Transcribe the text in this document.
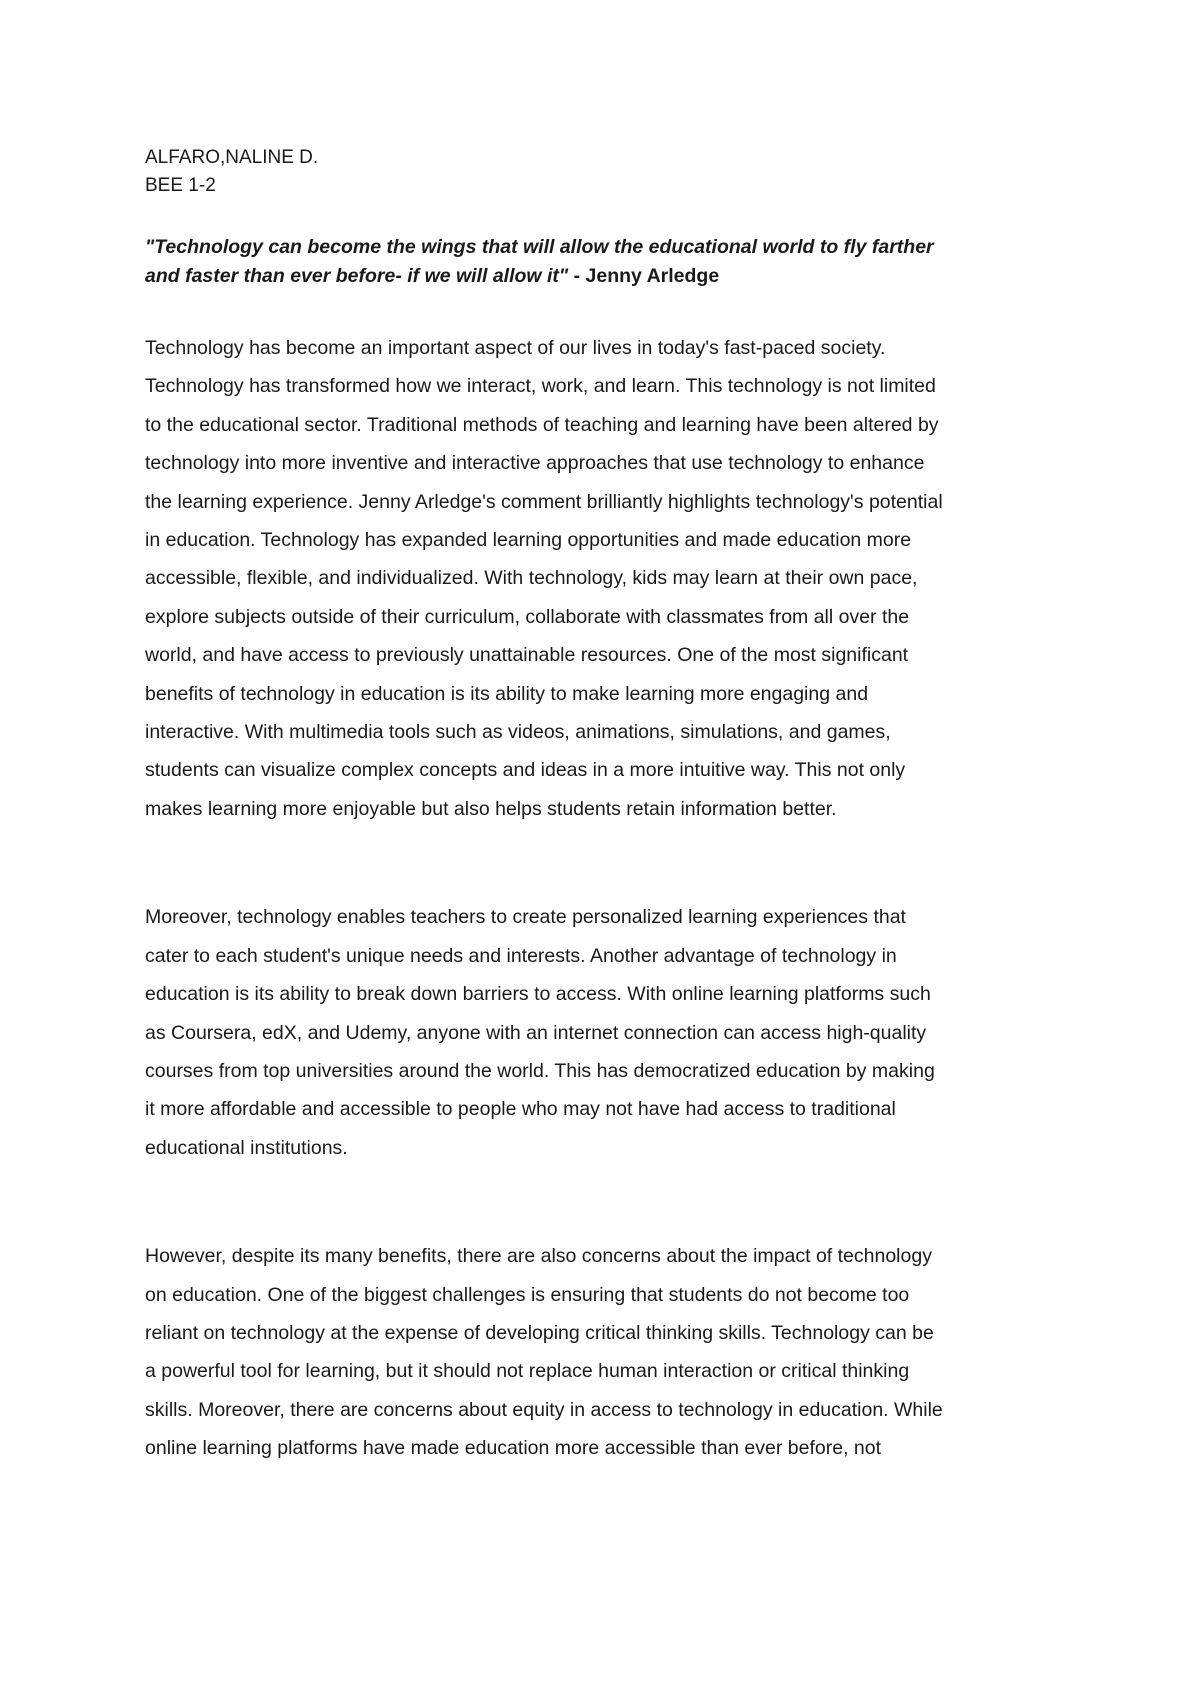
ALFARO,NALINE D.

BEE 1-2

"Technology can become the wings that will allow the educational world to fly farther
and faster than ever before- if we will allow it" - Jenny Arledge
Technology has become an important aspect of our lives in today's fast-paced society.
Technology has transformed how we interact, work, and learn. This technology is not limited
to the educational sector. Traditional methods of teaching and learning have been altered by
technology into more inventive and interactive approaches that use technology to enhance
the learning experience. Jenny Arledge's comment brilliantly highlights technology's potential
in education. Technology has expanded learning opportunities and made education more
accessible, flexible, and individualized. With technology, kids may learn at their own pace,
explore subjects outside of their curriculum, collaborate with classmates from all over the
world, and have access to previously unattainable resources. One of the most significant
benefits of technology in education is its ability to make learning more engaging and
interactive. With multimedia tools such as videos, animations, simulations, and games,
students can visualize complex concepts and ideas in a more intuitive way. This not only
makes learning more enjoyable but also helps students retain information better.
Moreover, technology enables teachers to create personalized learning experiences that
cater to each student's unique needs and interests. Another advantage of technology in
education is its ability to break down barriers to access. With online learning platforms such
as Coursera, edX, and Udemy, anyone with an internet connection can access high-quality
courses from top universities around the world. This has democratized education by making
it more affordable and accessible to people who may not have had access to traditional
educational institutions.
However, despite its many benefits, there are also concerns about the impact of technology
on education. One of the biggest challenges is ensuring that students do not become too
reliant on technology at the expense of developing critical thinking skills. Technology can be
a powerful tool for learning, but it should not replace human interaction or critical thinking
skills. Moreover, there are concerns about equity in access to technology in education. While
online learning platforms have made education more accessible than ever before, not
